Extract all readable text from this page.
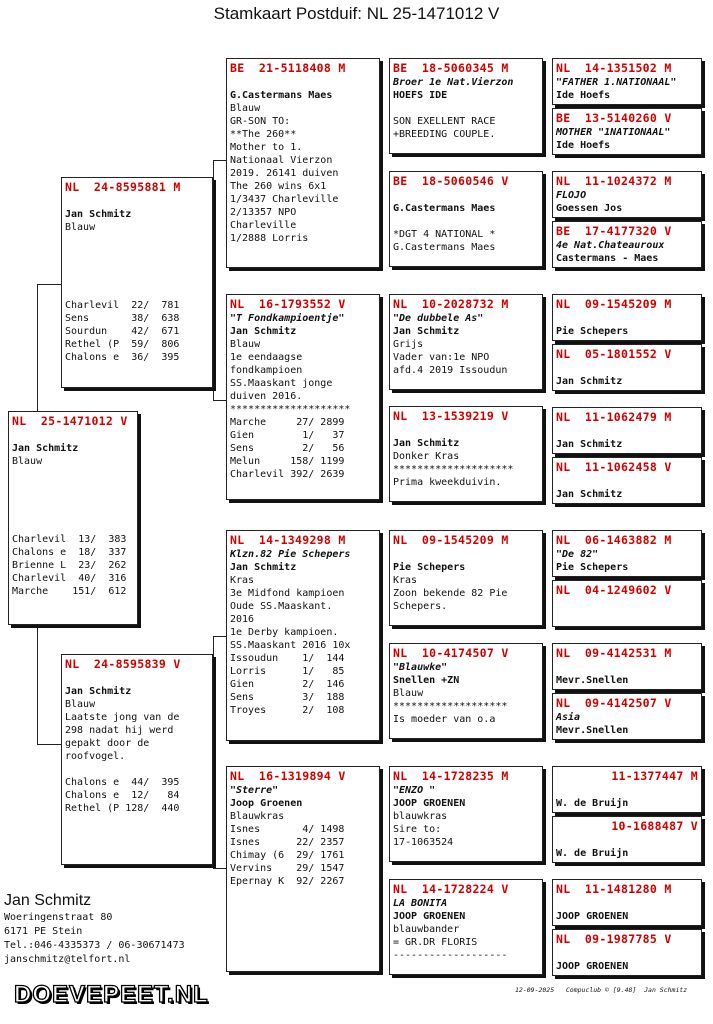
Stamkaart Postduif: NL 25-1471012 V
NL  25-1471012 V

Jan Schmitz
Blauw

Charlevil  13/  383
Chalons e  18/  337
Brienne L  23/  262
Charlevil  40/  316
Marche    151/  612
NL  24-8595881 M

Jan Schmitz
Blauw

Charlevil  22/  781
Sens       38/  638
Sourdun    42/  671
Rethel (P  59/  806
Chalons e  36/  395
NL  24-8595839 V

Jan Schmitz
Blauw
Laatste jong van de
298 nadat hij werd
gepakt door de
roofvogel.

Chalons e  44/  395
Chalons e  12/   84
Rethel (P 128/  440
BE  21-5118408 M

G.Castermans Maes
Blauw
GR-SON TO:
**The 260**
Mother to 1.
Nationaal Vierzon
2019. 26141 duiven
The 260 wins 6x1
1/3437 Charleville
2/13357 NPO
Charleville
1/2888 Lorris
NL  16-1793552 V
"T Fondkampioentje"
Jan Schmitz
Blauw
1e eendaagse
fondkampioen
SS.Maaskant jonge
duiven 2016.
********************
Marche     27/ 2899
Gien        1/   37
Sens        2/   56
Melun     158/ 1199
Charlevil 392/ 2639
NL  14-1349298 M
Klzn.82 Pie Schepers
Jan Schmitz
Kras
3e Midfond kampioen
Oude SS.Maaskant.
2016
1e Derby kampioen.
SS.Maaskant 2016 10x
Issoudun    1/  144
Lorris      1/   85
Gien        2/  146
Sens        3/  188
Troyes      2/  108
NL  16-1319894 V
"Sterre"
Joop Groenen
Blauwkras
Isnes       4/ 1498
Isnes      22/ 2357
Chimay (6  29/ 1761
Vervins    29/ 1547
Epernay K  92/ 2267
BE  18-5060345 M
Broer 1e Nat.Vierzon
HOEFS IDE

SON EXELLENT RACE
+BREEDING COUPLE.
BE  18-5060546 V

G.Castermans Maes

*DGT 4 NATIONAL *
G.Castermans Maes
NL  10-2028732 M
"De dubbele As"
Jan Schmitz
Grijs
Vader van:1e NPO
afd.4 2019 Issoudun
NL  13-1539219 V

Jan Schmitz
Donker Kras
********************
Prima kweekduivin.
NL  09-1545209 M

Pie Schepers
Kras
Zoon bekende 82 Pie
Schepers.
NL  10-4174507 V
"Blauwke"
Snellen +ZN
Blauw
*******************
Is moeder van o.a
NL  14-1728235 M
"ENZO "
JOOP GROENEN
blauwkras
Sire to:
17-1063524
NL  14-1728224 V
LA BONITA
JOOP GROENEN
blauwbander
= GR.DR FLORIS
-------------------
NL  14-1351502 M
"FATHER 1.NATIONAAL"
Ide Hoefs
BE  13-5140260 V
MOTHER "1NATIONAAL"
Ide Hoefs
NL  11-1024372 M
FLOJO
Goessen Jos
BE  17-4177320 V
4e Nat.Chateauroux
Castermans - Maes
NL  09-1545209 M

Pie Schepers
NL  05-1801552 V

Jan Schmitz
NL  11-1062479 M

Jan Schmitz
NL  11-1062458 V

Jan Schmitz
NL  06-1463882 M
"De 82"
Pie Schepers
NL  04-1249602 V

NL  09-4142531 M

Mevr.Snellen
NL  09-4142507 V
Asia
Mevr.Snellen
11-1377447 M

W. de Bruijn
10-1688487 V

W. de Bruijn
NL  11-1481280 M

JOOP GROENEN
NL  09-1987785 V

JOOP GROENEN
Jan Schmitz
Woeringenstraat 80
6171 PE Stein
Tel.:046-4335373 / 06-30671473
janschmitz@telfort.nl
DOEVEPEET.NL	12-09-2025   Compuclub © [9.48]  Jan Schmitz
